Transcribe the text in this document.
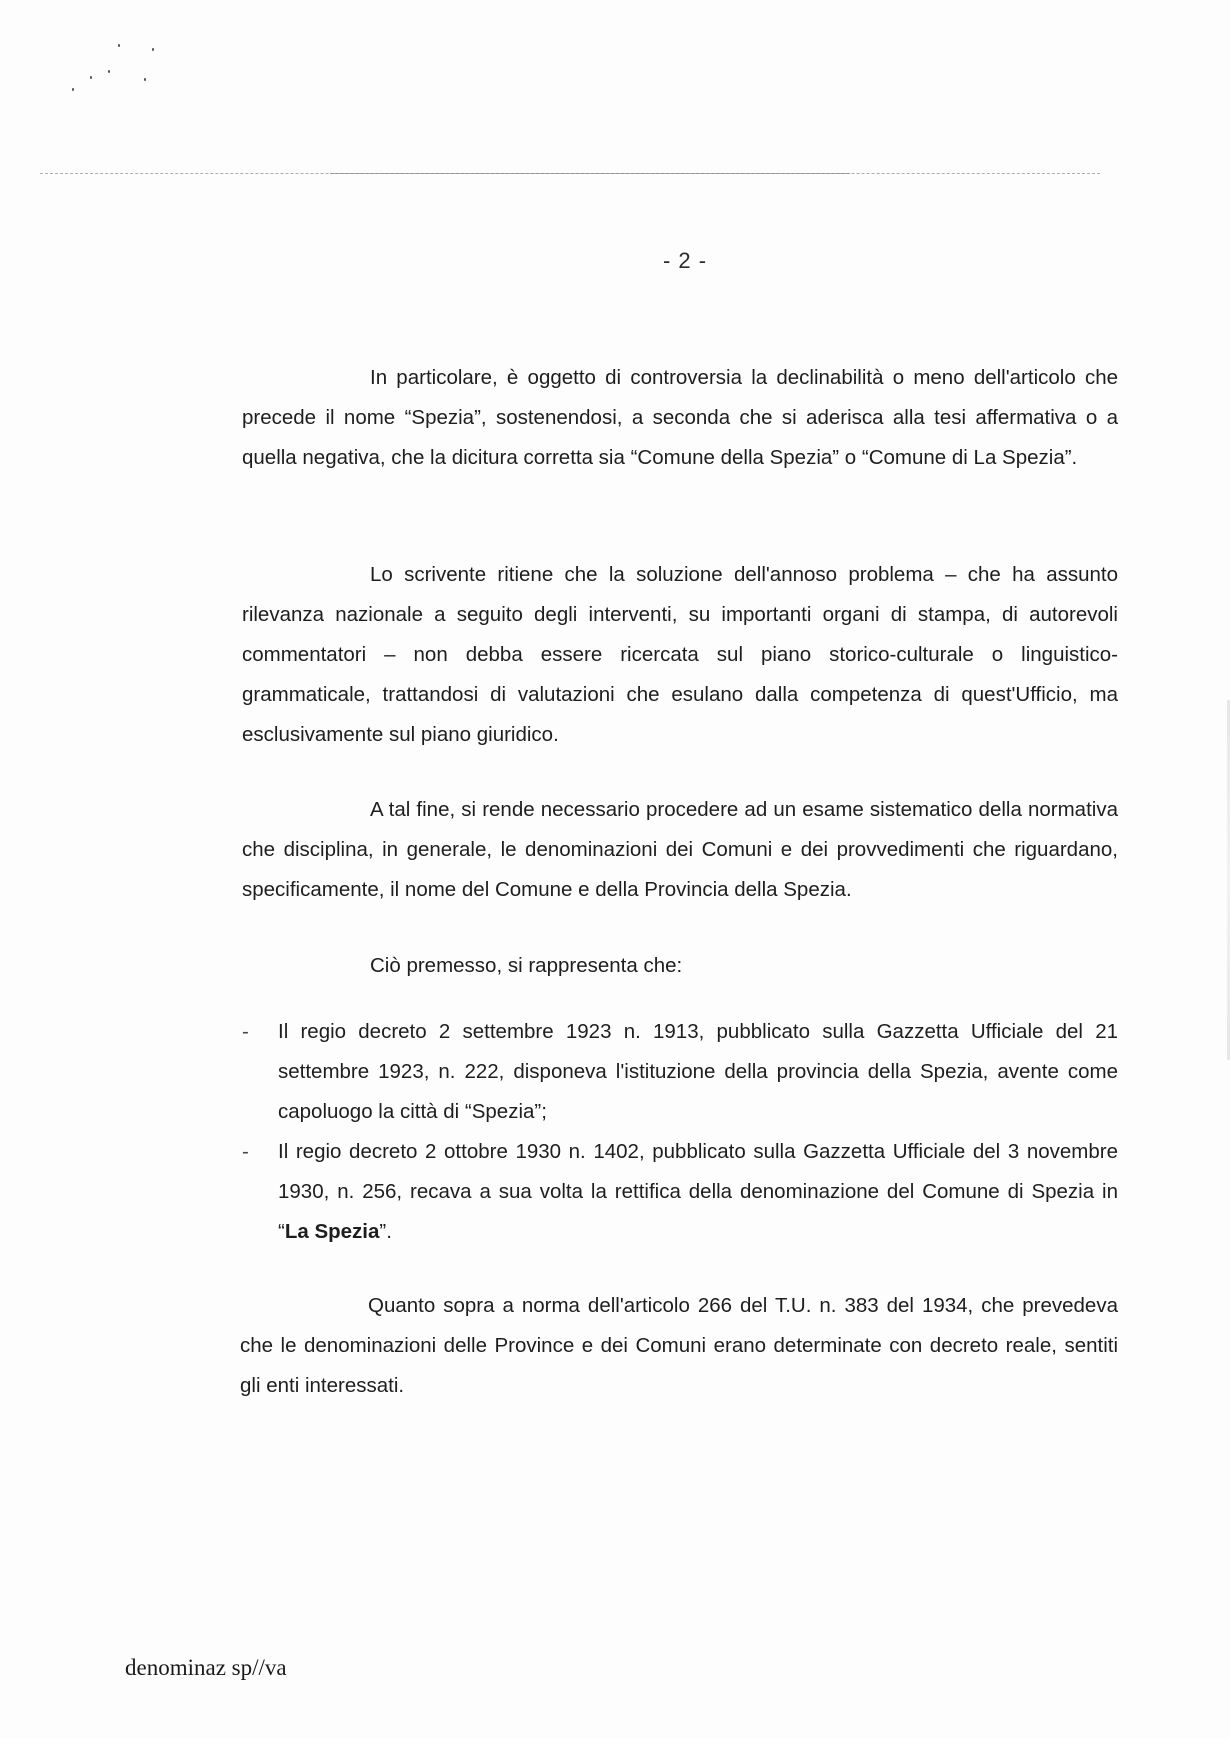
- 2 -

In particolare, è oggetto di controversia la declinabilità o meno dell'articolo che precede il nome “Spezia”, sostenendosi, a seconda che si aderisca alla tesi affermativa o a quella negativa, che la dicitura corretta sia “Comune della Spezia” o “Comune di La Spezia”.

Lo scrivente ritiene che la soluzione dell'annoso problema – che ha assunto rilevanza nazionale a seguito degli interventi, su importanti organi di stampa, di autorevoli commentatori – non debba essere ricercata sul piano storico-culturale o linguistico-grammaticale, trattandosi di valutazioni che esulano dalla competenza di quest'Ufficio, ma esclusivamente sul piano giuridico.

A tal fine, si rende necessario procedere ad un esame sistematico della normativa che disciplina, in generale, le denominazioni dei Comuni e dei provvedimenti che riguardano, specificamente, il nome del Comune e della Provincia della Spezia.

Ciò premesso, si rappresenta che:

- Il regio decreto 2 settembre 1923 n. 1913, pubblicato sulla Gazzetta Ufficiale del 21 settembre 1923, n. 222, disponeva l'istituzione della provincia della Spezia, avente come capoluogo la città di “Spezia”;
- Il regio decreto 2 ottobre 1930 n. 1402, pubblicato sulla Gazzetta Ufficiale del 3 novembre 1930, n. 256, recava a sua volta la rettifica della denominazione del Comune di Spezia in “La Spezia”.

Quanto sopra a norma dell'articolo 266 del T.U. n. 383 del 1934, che prevedeva che le denominazioni delle Province e dei Comuni erano determinate con decreto reale, sentiti gli enti interessati.

denominaz sp//va
